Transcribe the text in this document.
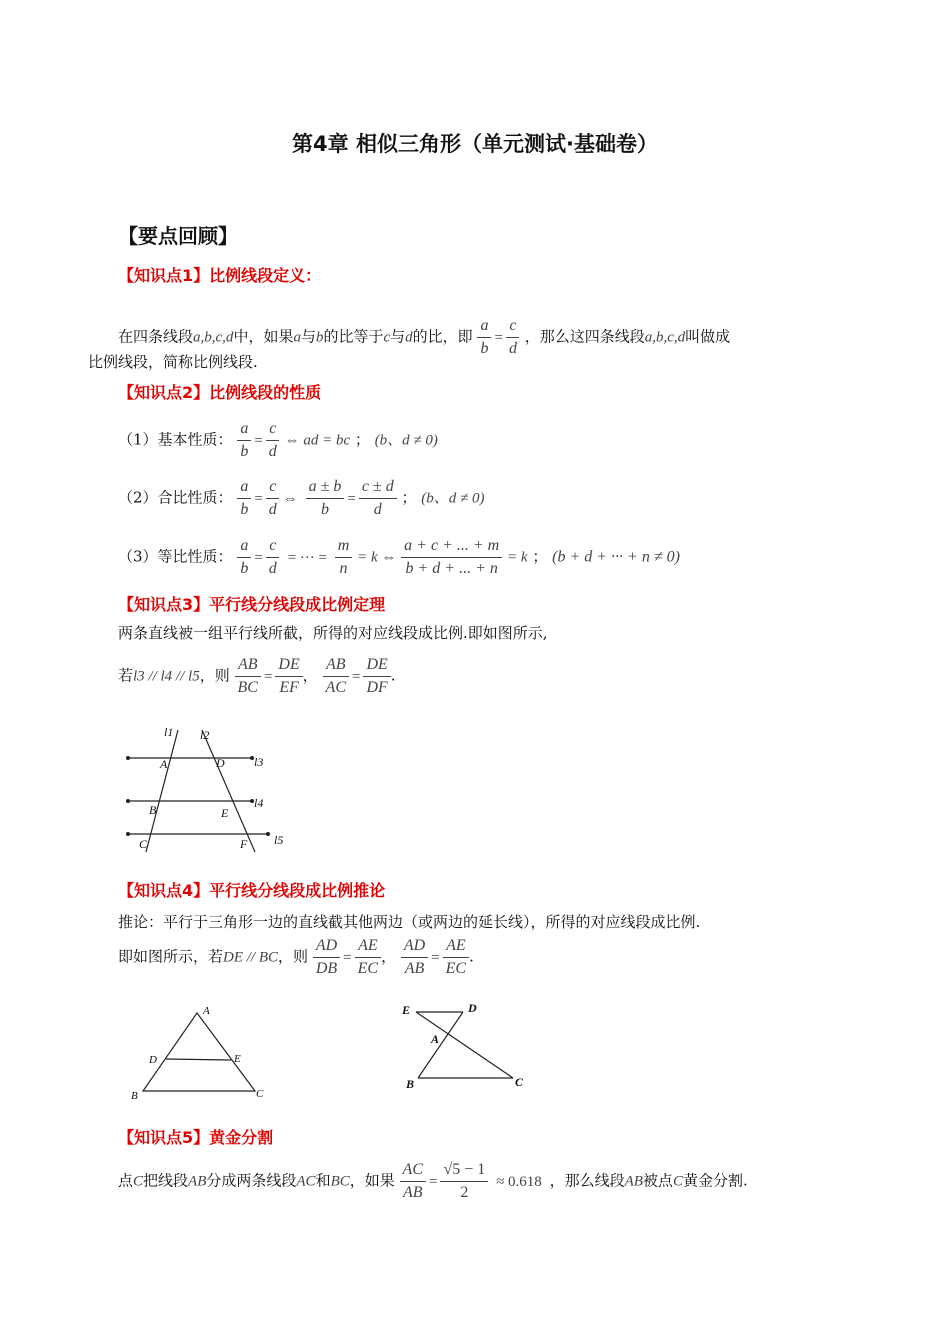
第4章 相似三角形（单元测试·基础卷）
【要点回顾】
【知识点1】比例线段定义：
在四条线段a,b,c,d中，如果a与b的比等于c与d的比，即 $\frac{a}{b} = \frac{c}{d}$ ，那么这四条线段a,b,c,d叫做成
比例线段，简称比例线段.
【知识点2】比例线段的性质
（1）基本性质： $\frac{a}{b} = \frac{c}{d}$ ⇔ ad = bc ； (b、d ≠ 0)
（2）合比性质： $\frac{a}{b} = \frac{c}{d}$ ⇔ $\frac{a \pm b}{b} = \frac{c \pm d}{d}$ ； (b、d ≠ 0)
（3）等比性质： $\frac{a}{b} = \frac{c}{d}$ = ··· = $\frac{m}{n} = k$ ⇔ $\frac{a + c + ... + m}{b + d + ... + n} = k$ ； (b + d + ··· + n ≠ 0)
【知识点3】平行线分线段成比例定理
两条直线被一组平行线所截，所得的对应线段成比例.即如图所示,
若l3 // l4 // l5，则 $\frac{AB}{BC} = \frac{DE}{EF}$ ， $\frac{AB}{AC} = \frac{DE}{DF}$ .
l1 l2
l3
l4
l5
A	D
B	E
C	F
【知识点4】平行线分线段成比例推论
推论：平行于三角形一边的直线截其他两边（或两边的延长线），所得的对应线段成比例.
即如图所示，若DE // BC，则 $\frac{AD}{DB} = \frac{AE}{EC}$ ， $\frac{AD}{AB} = \frac{AE}{EC}$ .
A
D	E
B	C
E	D
A
B	C
【知识点5】黄金分割
点C把线段AB分成两条线段AC和BC，如果 $\frac{AC}{AB} = \frac{√5 - 1}{2} \approx 0.618$ ，那么线段AB被点C黄金分割.
